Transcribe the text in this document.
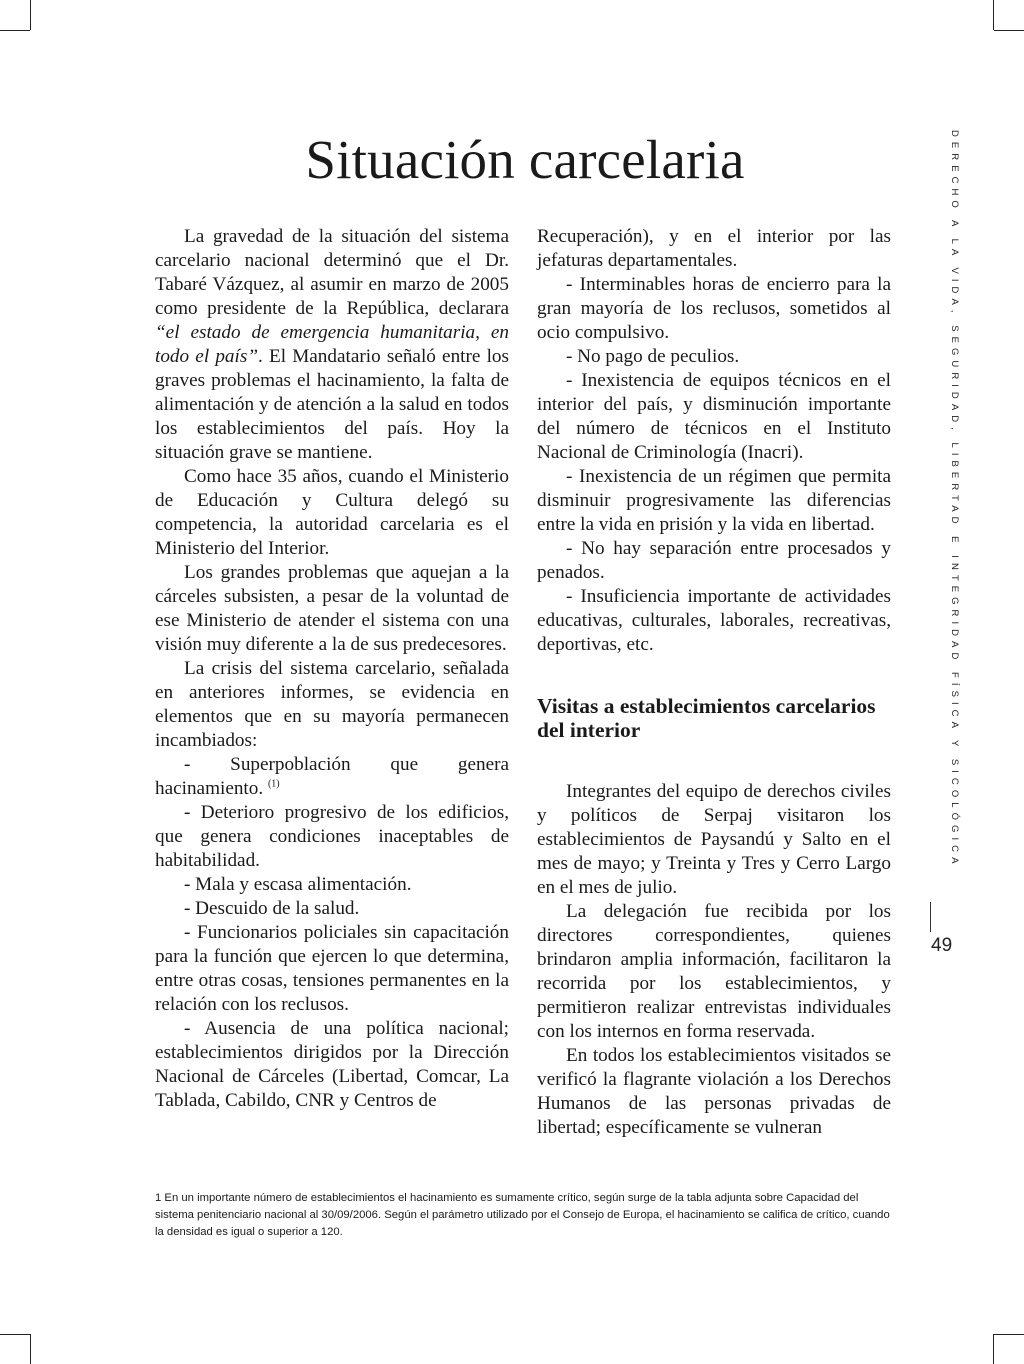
Situación carcelaria

La gravedad de la situación del sistema carcelario nacional determinó que el Dr. Tabaré Vázquez, al asumir en marzo de 2005 como presidente de la República, declarara “el estado de emergencia humanitaria, en todo el país”. El Mandatario señaló entre los graves problemas el hacinamiento, la falta de alimentación y de atención a la salud en todos los establecimientos del país. Hoy la situación grave se mantiene.

Como hace 35 años, cuando el Ministerio de Educación y Cultura delegó su competencia, la autoridad carcelaria es el Ministerio del Interior.

Los grandes problemas que aquejan a la cárceles subsisten, a pesar de la voluntad de ese Ministerio de atender el sistema con una visión muy diferente a la de sus predecesores.

La crisis del sistema carcelario, señalada en anteriores informes, se evidencia en elementos que en su mayoría permanecen incambiados:

- Superpoblación que genera hacinamiento. $^{(1)}$

- Deterioro progresivo de los edificios, que genera condiciones inaceptables de habitabilidad.

- Mala y escasa alimentación.

- Descuido de la salud.

- Funcionarios policiales sin capacitación para la función que ejercen lo que determina, entre otras cosas, tensiones permanentes en la relación con los reclusos.

- Ausencia de una política nacional; establecimientos dirigidos por la Dirección Nacional de Cárceles (Libertad, Comcar, La Tablada, Cabildo, CNR y Centros de

Recuperación), y en el interior por las jefaturas departamentales.

- Interminables horas de encierro para la gran mayoría de los reclusos, sometidos al ocio compulsivo.

- No pago de peculios.

- Inexistencia de equipos técnicos en el interior del país, y disminución importante del número de técnicos en el Instituto Nacional de Criminología (Inacri).

- Inexistencia de un régimen que permita disminuir progresivamente las diferencias entre la vida en prisión y la vida en libertad.

- No hay separación entre procesados y penados.

- Insuficiencia importante de actividades educativas, culturales, laborales, recreativas, deportivas, etc.

Visitas a establecimientos carcelarios del interior

Integrantes del equipo de derechos civiles y políticos de Serpaj visitaron los establecimientos de Paysandú y Salto en el mes de mayo; y Treinta y Tres y Cerro Largo en el mes de julio.

La delegación fue recibida por los directores correspondientes, quienes brindaron amplia información, facilitaron la recorrida por los establecimientos, y permitieron realizar entrevistas individuales con los internos en forma reservada.

En todos los establecimientos visitados se verificó la flagrante violación a los Derechos Humanos de las personas privadas de libertad; específicamente se vulneran

DERECHO A LA VIDA, SEGURIDAD, LIBERTAD E INTEGRIDAD FÍSICA Y SICOLÓGICA
49
1 En un importante número de establecimientos el hacinamiento es sumamente crítico, según surge de la tabla adjunta sobre Capacidad del sistema penitenciario nacional al 30/09/2006. Según el parámetro utilizado por el Consejo de Europa, el hacinamiento se califica de crítico, cuando la densidad es igual o superior a 120.
